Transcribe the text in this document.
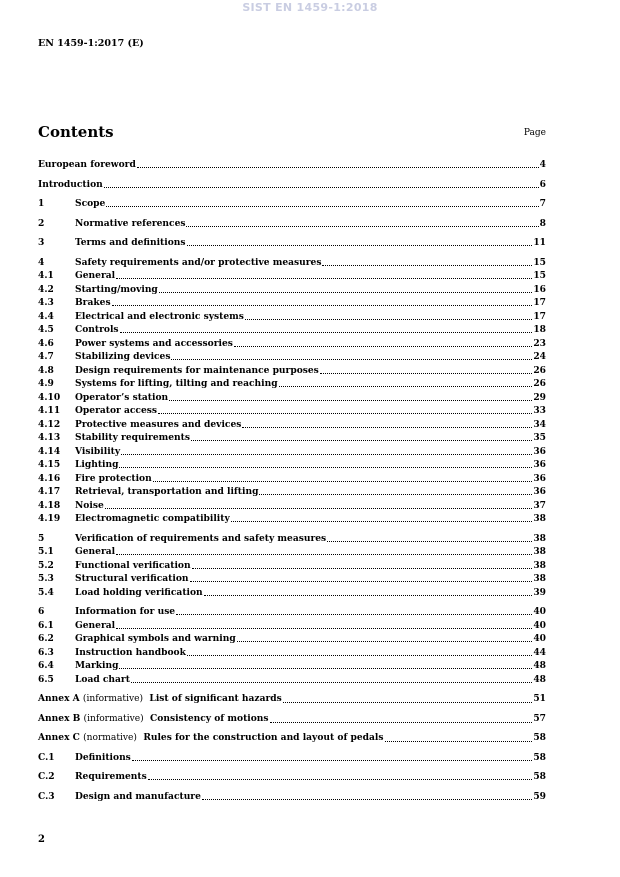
SIST EN 1459-1:2018
EN 1459-1:2017 (E)
Contents	Page
European foreword	4
Introduction	6
1	Scope	7
2	Normative references	8
3	Terms and definitions	11
4	Safety requirements and/or protective measures	15
4.1 General	15
4.2 Starting/moving	16
4.3 Brakes	17
4.4 Electrical and electronic systems	17
4.5 Controls	18
4.6 Power systems and accessories	23
4.7 Stabilizing devices	24
4.8 Design requirements for maintenance purposes	26
4.9 Systems for lifting, tilting and reaching	26
4.10 Operator’s station	29
4.11 Operator access	33
4.12 Protective measures and devices	34
4.13 Stability requirements	35
4.14 Visibility	36
4.15 Lighting	36
4.16 Fire protection	36
4.17 Retrieval, transportation and lifting	36
4.18 Noise	37
4.19 Electromagnetic compatibility	38
5	Verification of requirements and safety measures	38
5.1 General	38
5.2 Functional verification	38
5.3 Structural verification	38
5.4 Load holding verification	39
6	Information for use	40
6.1 General	40
6.2 Graphical symbols and warning	40
6.3 Instruction handbook	44
6.4 Marking	48
6.5 Load chart	48
Annex A (informative) List of significant hazards	51
Annex B (informative) Consistency of motions	57
Annex C (normative) Rules for the construction and layout of pedals	58
C.1 Definitions	58
C.2 Requirements	58
C.3 Design and manufacture	59
2
